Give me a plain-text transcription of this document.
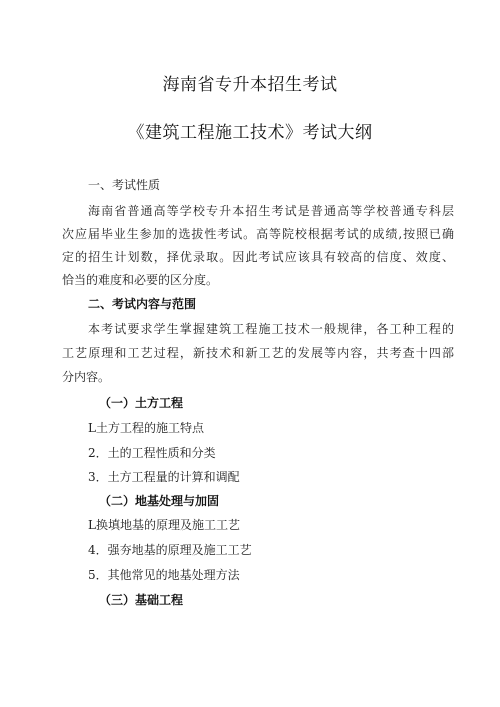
海南省专升本招生考试
《建筑工程施工技术》考试大纲
一、考试性质
海南省普通高等学校专升本招生考试是普通高等学校普通专科层
次应届毕业生参加的选拔性考试。高等院校根据考试的成绩,按照已确
定的招生计划数，择优录取。因此考试应该具有较高的信度、效度、
恰当的难度和必要的区分度。
二、考试内容与范围
本考试要求学生掌握建筑工程施工技术一般规律，各工种工程的
工艺原理和工艺过程，新技术和新工艺的发展等内容，共考查十四部
分内容。
（一）土方工程
L土方工程的施工特点
2．土的工程性质和分类
3．土方工程量的计算和调配
（二）地基处理与加固
L换填地基的原理及施工工艺
4．强夯地基的原理及施工工艺
5．其他常见的地基处理方法
（三）基础工程
